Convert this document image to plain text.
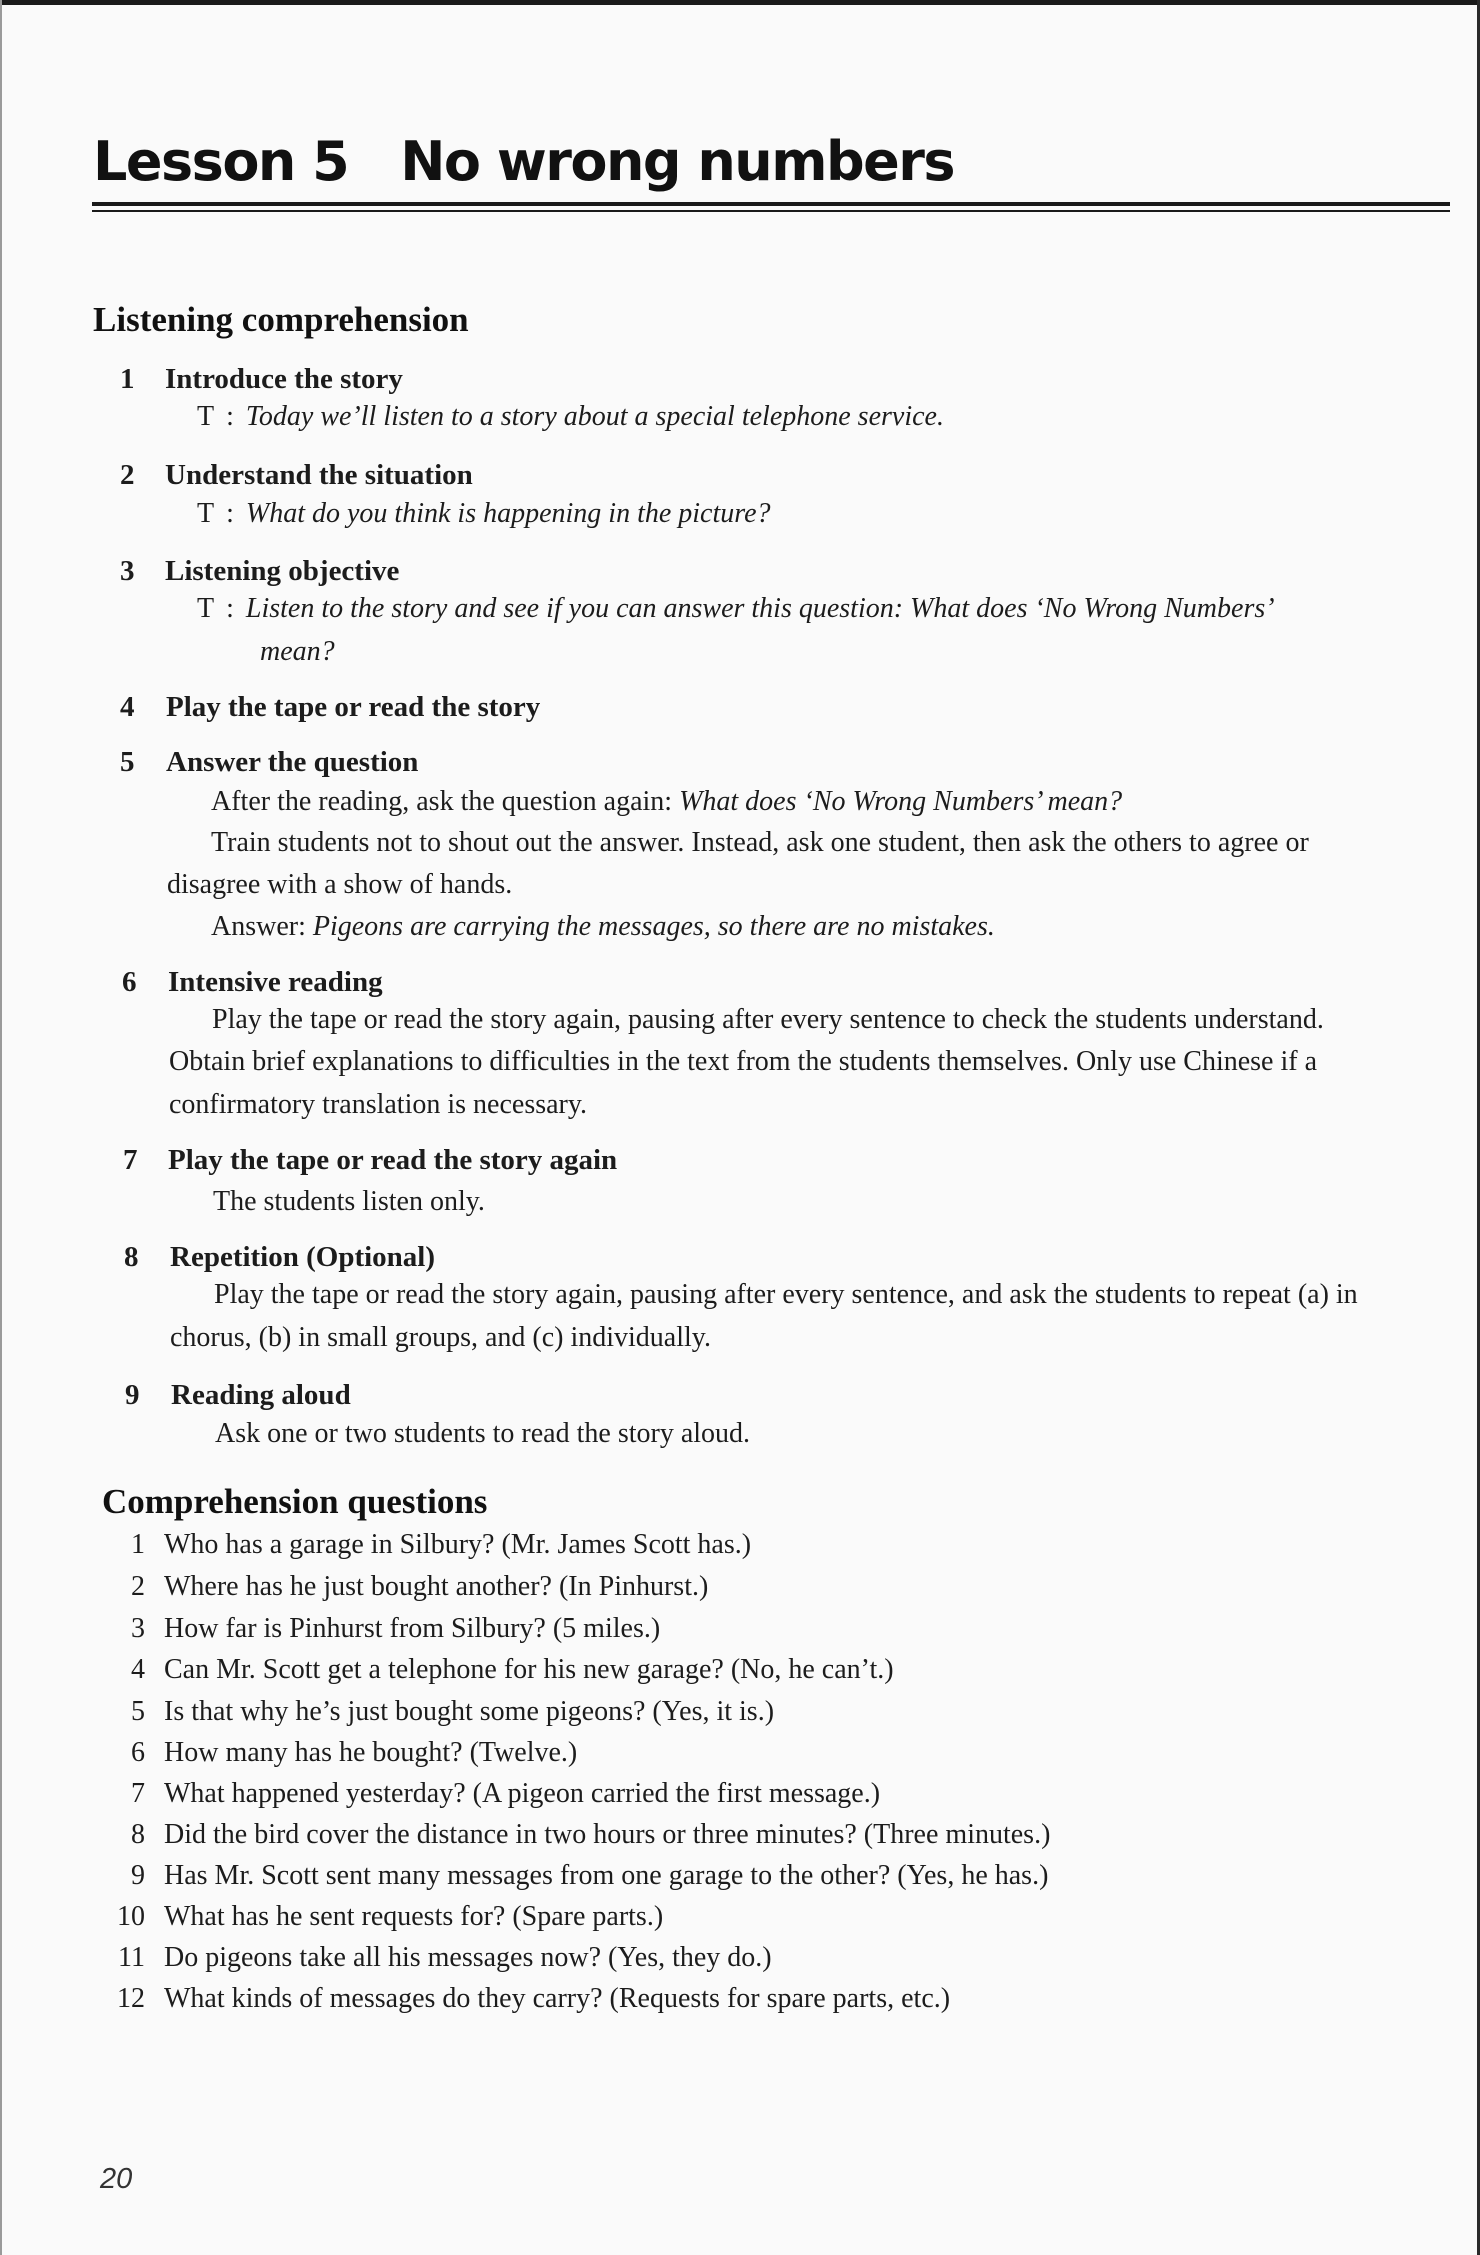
Lesson 5 No wrong numbers
Listening comprehension
1 Introduce the story
T : Today we’ll listen to a story about a special telephone service.
2 Understand the situation
T : What do you think is happening in the picture?
3 Listening objective
T : Listen to the story and see if you can answer this question: What does ‘No Wrong Numbers’
mean?
4 Play the tape or read the story
5 Answer the question
After the reading, ask the question again: What does ‘No Wrong Numbers’ mean?
Train students not to shout out the answer. Instead, ask one student, then ask the others to agree or
disagree with a show of hands.
Answer: Pigeons are carrying the messages, so there are no mistakes.
6 Intensive reading
Play the tape or read the story again, pausing after every sentence to check the students understand.
Obtain brief explanations to difficulties in the text from the students themselves. Only use Chinese if a
confirmatory translation is necessary.
7 Play the tape or read the story again
The students listen only.
8 Repetition (Optional)
Play the tape or read the story again, pausing after every sentence, and ask the students to repeat (a) in
chorus, (b) in small groups, and (c) individually.
9 Reading aloud
Ask one or two students to read the story aloud.
Comprehension questions
1 Who has a garage in Silbury? (Mr. James Scott has.)
2 Where has he just bought another? (In Pinhurst.)
3 How far is Pinhurst from Silbury? (5 miles.)
4 Can Mr. Scott get a telephone for his new garage? (No, he can’t.)
5 Is that why he’s just bought some pigeons? (Yes, it is.)
6 How many has he bought? (Twelve.)
7 What happened yesterday? (A pigeon carried the first message.)
8 Did the bird cover the distance in two hours or three minutes? (Three minutes.)
9 Has Mr. Scott sent many messages from one garage to the other? (Yes, he has.)
10 What has he sent requests for? (Spare parts.)
11 Do pigeons take all his messages now? (Yes, they do.)
12 What kinds of messages do they carry? (Requests for spare parts, etc.)
20
